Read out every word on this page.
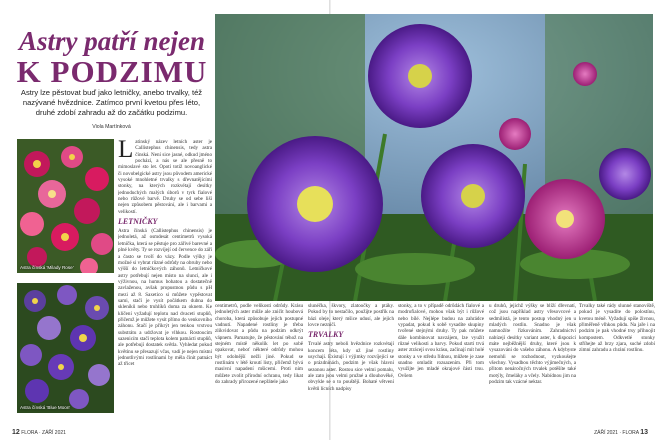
Astry patří nejen
K PODZIMU
Astry lze pěstovat buď jako letničky, anebo trvalky, též nazývané hvězdnice. Zatímco první kvetou přes léto, druhé zdobí zahradu až do začátku podzimu.
Viola Martínková
Astra čínská 'Milady Rose'
Astra čínská 'Blue Moon'
L atinský název letních aster je Callistephus chinensis, tedy astra čínská. Není sice jasné, odkud jméno pochází, a nás se ale přesně to mimoslavé sto let. Opotí totiž novoanglické či novobelgické astry jsou původem americké vysoké mnohletné trvalky s dřevnatějícími stonky, na kterých rozkvétají desítky jednoduchých malých úborů v tyrk fialové nebo růžové barvě. Druhy se od sebe liší nejen způsobem pěstování, ale i barvami a velikostí.

LETNIČKY

Astra čínská (Callistephus chinensis) je jednoletá, až osmdesát centimetrů vysoká letnička, která se pěstuje pro zářivé barevné a plné květy. Ty se rozvíjejí od července do září a často se tvoří do vázy. Podle výšky je možné si vybrat různé odrůdy na obruby nebo výšší do letničkových záhonů. Letničkové astry potřebují nejen místo na slunci, ale i výživnou, na humus bohatou a dostatečně zavlaženou, avšak propustnou půdu s pH mezi až 8. Saxetico si můžete vypěstovat sami, stačí je vysít počátkem dubna do skleníků nebo truhlíků doma za oknem. Ke klíčení vyžadují teplotu nad dvaceti stupňů, přičemž je můžete vysít přímo do venkovního záhonu. Stačí je přikrýt jen tenkou vrstvou substrátu a udržovat je vlhkou. Rostoucím sazenicím stačí teplota kolem patnácti stupňů, ale potřebují dostatek světla. Vyhledat pokud květinu se přesazují včas, vadí je nejen místní jednotlivými rostlinami by měla činit patnáct až třicet

centimetrů, podle velikosti odrůdy. Krásu jednoletých aster může ale zničit houbová choroba, která způsobuje jejich postupné vadnutí. Napadené rostliny je třeba zlikvidovat a půdu na podzim odkrýt vápnem. Pamatujte, že pěstování téhož na stejném místě několik let po sobě opakovat, neboť některé odrůdy mohou být odolnější nežli jiné. Pokud se rostlinám v létě kroutí listy, přičemž bývá masivní napadení mšicemi. Proti nim můžete zvolit přírodní ochranu, tedy likat do zahrady přirozené nepřátele jako

slunéčka, škvory, zlatoočky a ptáky. Pokud by to nestačilo, použijte postřik na bázi oleje, který mšice udusí, ale jejich lovce nezničí.

TRVALKY

Trvalé astry neboli hvězdnice rozkvétají koncem léta, kdy už jiné rostliny usychají. Existují i výjimky rozvíjející se o prázdninách, podzim je však hlavní sezonou aster. Rostou sice velmi pomalu, ale zato jsou velmi pružné a dlouhověké, obvykle se o to pouštějí. Bohaté větvení květů lícních nadpisy

stonky, a to v případě odrůdách fialové a modrofialové, mohou však být i růžové nebo bílé. Nejlépe budou na zahrádce vypadat, pokud k sobě vysadíte skupiny tvořené stejnými druhy. Ty pak můžete dále kombinovat navzájem, lze využít různé velikosti a barvy. Pokud startí trvá aster ztrácejí svou krásu, začínají mít holé stonky a ve středu řídnou, můžete je zase snadno omladit rozsazením. Při tom využijte jen mladé okrajové části trsu. Ovšem

u druhů, jejichž výšky se blíží dřevnatí, což jsou například astry vřesovcové a sedmilistá, je tento postup vhodný jen u mladých rostlin. Snadno je však namnožíte řízkováním. Zahradnictví nabízejí desítky variant aster, k dispozici máte nejběžnější druhy, které jsou k vysazování do vašeho záhonu. A kdybyste nemohli se rozhodnout, vyzkoušejte všechny. Vysadbou těchto výjimečných, a přitom nenáročných trvalek potěšíte také motýly, čmeláky a včely. Nabídnou jim na podzim tak vzácné nektar.

Trvalky také rády slunné stanoviště, pokud je vysadíte do polostínu, kvetou méně. Vyžadují spíše živnou, přiměřeně vlhkou půdu. Na jaře i na podzim je pak vhodné trsy přihnojit kompostem. Odkvetlé stonky stříhejte až brzy zjara, suché zdobí zimní zahradu a chrání rostlinu.

12 FLORA · ZÁŘÍ 2021	ZÁŘÍ 2021 · FLORA 13
